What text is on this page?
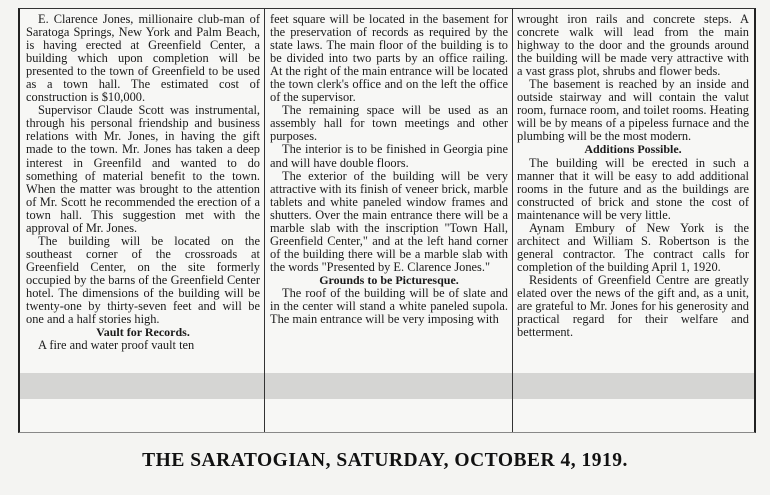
E. Clarence Jones, millionaire club-man of Saratoga Springs, New York and Palm Beach, is having erected at Greenfield Center, a building which upon completion will be presented to the town of Greenfield to be used as a town hall. The estimated cost of construction is $10,000.

Supervisor Claude Scott was instrumental, through his personal friendship and business relations with Mr. Jones, in having the gift made to the town. Mr. Jones has taken a deep interest in Greenfild and wanted to do something of material benefit to the town. When the matter was brought to the attention of Mr. Scott he recommended the erection of a town hall. This suggestion met with the approval of Mr. Jones.

The building will be located on the southeast corner of the crossroads at Greenfield Center, on the site formerly occupied by the barns of the Greenfield Center hotel. The dimensions of the building will be twenty-one by thirty-seven feet and will be one and a half stories high.

Vault for Records.

A fire and water proof vault ten

feet square will be located in the basement for the preservation of records as required by the state laws. The main floor of the building is to be divided into two parts by an office railing. At the right of the main entrance will be located the town clerk's office and on the left the office of the supervisor.

The remaining space will be used as an assembly hall for town meetings and other purposes.

The interior is to be finished in Georgia pine and will have double floors.

The exterior of the building will be very attractive with its finish of veneer brick, marble tablets and white paneled window frames and shutters. Over the main entrance there will be a marble slab with the inscription "Town Hall, Greenfield Center," and at the left hand corner of the building there will be a marble slab with the words "Presented by E. Clarence Jones."

Grounds to be Picturesque.

The roof of the building will be of slate and in the center will stand a white paneled supola. The main entrance will be very imposing with

wrought iron rails and concrete steps. A concrete walk will lead from the main highway to the door and the grounds around the building will be made very attractive with a vast grass plot, shrubs and flower beds.

The basement is reached by an inside and outside stairway and will contain the valut room, furnace room, and toilet rooms. Heating will be by means of a pipeless furnace and the plumbing will be the most modern.

Additions Possible.

The building will be erected in such a manner that it will be easy to add additional rooms in the future and as the buildings are constructed of brick and stone the cost of maintenance will be very little.

Aynam Embury of New York is the architect and William S. Robertson is the general contractor. The contract calls for completion of the building April 1, 1920.

Residents of Greenfield Centre are greatly elated over the news of the gift and, as a unit, are grateful to Mr. Jones for his generosity and practical regard for their welfare and betterment.

THE SARATOGIAN, SATURDAY, OCTOBER 4, 1919.
